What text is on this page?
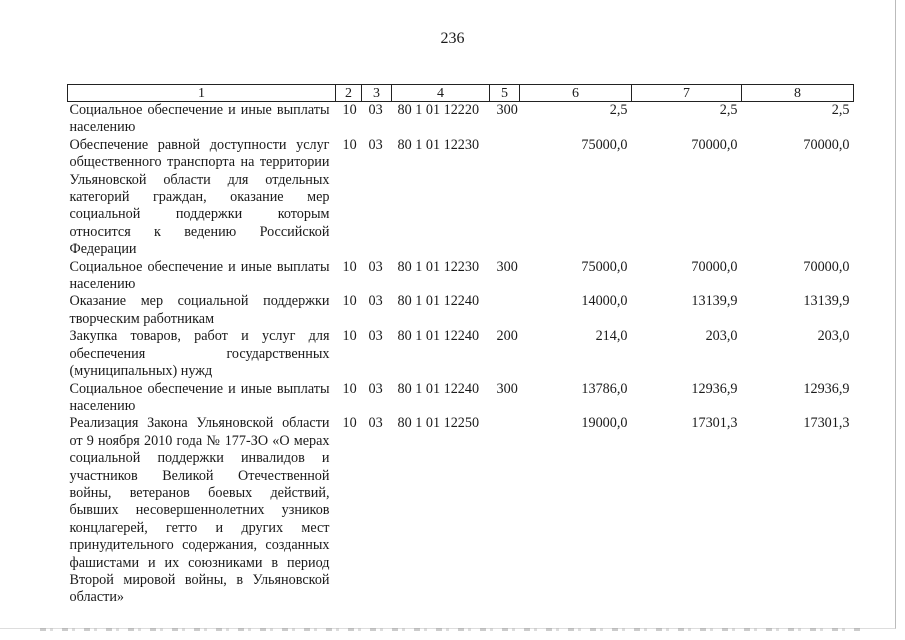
236
1	2	3	4	5	6	7	8
Социальное обеспечение и иные выплаты населению	10	03	80 1 01 12220	300	2,5	2,5	2,5
Обеспечение равной доступности услуг общественного транспорта на территории Ульяновской области для отдельных категорий граждан, оказание мер социальной поддержки которым относится к ведению Российской Федерации	10	03	80 1 01 12230		75000,0	70000,0	70000,0
Социальное обеспечение и иные выплаты населению	10	03	80 1 01 12230	300	75000,0	70000,0	70000,0
Оказание мер социальной поддержки творческим работникам	10	03	80 1 01 12240		14000,0	13139,9	13139,9
Закупка товаров, работ и услуг для обеспечения государственных (муниципальных) нужд	10	03	80 1 01 12240	200	214,0	203,0	203,0
Социальное обеспечение и иные выплаты населению	10	03	80 1 01 12240	300	13786,0	12936,9	12936,9
Реализация Закона Ульяновской области от 9 ноября 2010 года № 177-ЗО «О мерах социальной поддержки инвалидов и участников Великой Отечественной войны, ветеранов боевых действий, бывших несовершеннолетних узников концлагерей, гетто и других мест принудительного содержания, созданных фашистами и их союзниками в период Второй мировой войны, в Ульяновской области»	10	03	80 1 01 12250		19000,0	17301,3	17301,3
